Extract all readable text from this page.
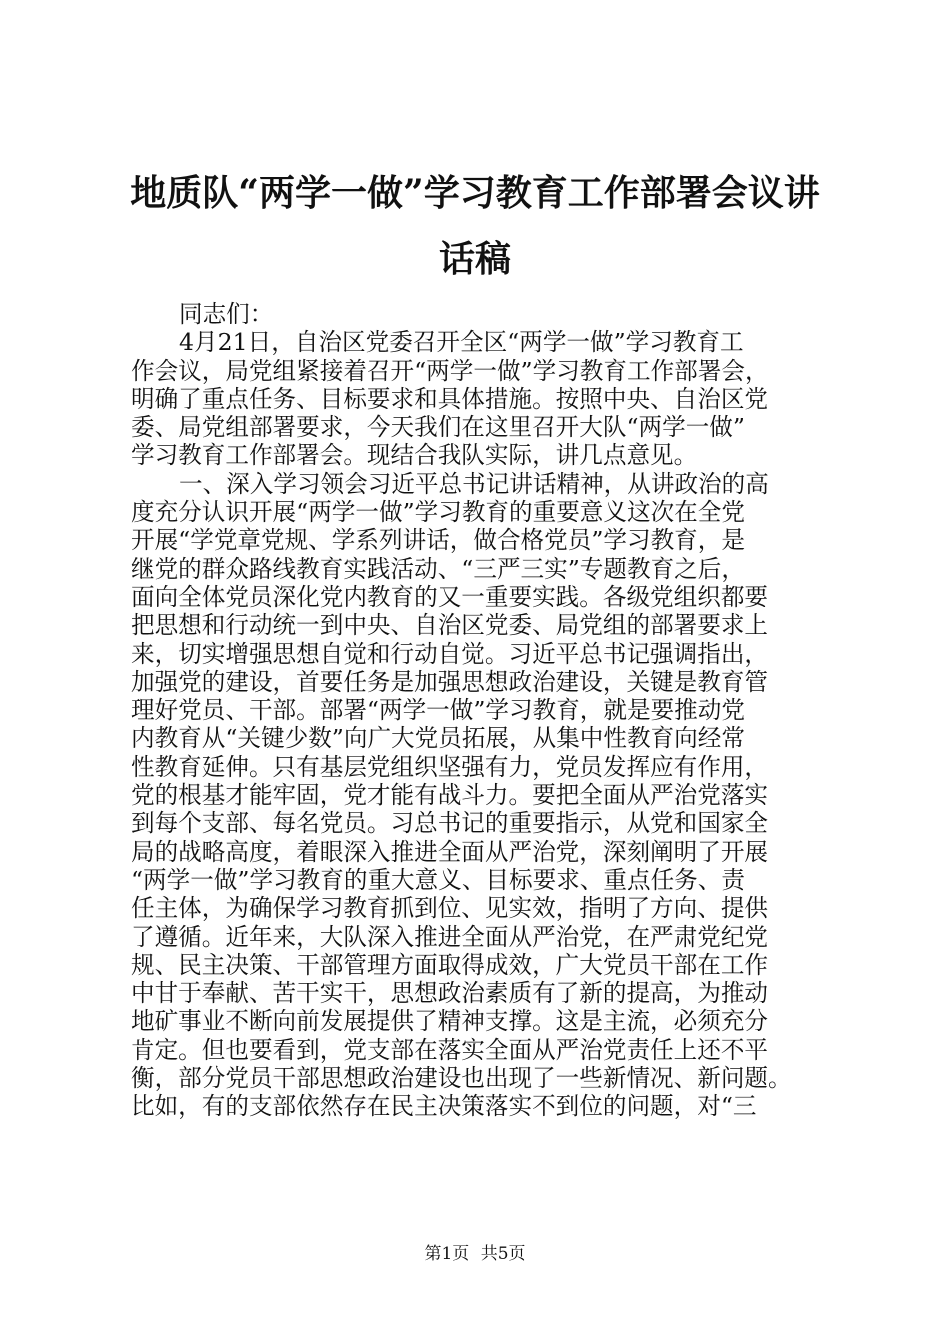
地质队“两学一做”学习教育工作部署会议讲
话稿
同志们：
4月21日，自治区党委召开全区“两学一做”学习教育工
作会议，局党组紧接着召开“两学一做”学习教育工作部署会，
明确了重点任务、目标要求和具体措施。按照中央、自治区党
委、局党组部署要求，今天我们在这里召开大队“两学一做”
学习教育工作部署会。现结合我队实际，讲几点意见。
一、深入学习领会习近平总书记讲话精神，从讲政治的高
度充分认识开展“两学一做”学习教育的重要意义这次在全党
开展“学党章党规、学系列讲话，做合格党员”学习教育，是
继党的群众路线教育实践活动、“三严三实”专题教育之后，
面向全体党员深化党内教育的又一重要实践。各级党组织都要
把思想和行动统一到中央、自治区党委、局党组的部署要求上
来，切实增强思想自觉和行动自觉。习近平总书记强调指出，
加强党的建设，首要任务是加强思想政治建设，关键是教育管
理好党员、干部。部署“两学一做”学习教育，就是要推动党
内教育从“关键少数”向广大党员拓展，从集中性教育向经常
性教育延伸。只有基层党组织坚强有力，党员发挥应有作用，
党的根基才能牢固，党才能有战斗力。要把全面从严治党落实
到每个支部、每名党员。习总书记的重要指示，从党和国家全
局的战略高度，着眼深入推进全面从严治党，深刻阐明了开展
“两学一做”学习教育的重大意义、目标要求、重点任务、责
任主体，为确保学习教育抓到位、见实效，指明了方向、提供
了遵循。近年来，大队深入推进全面从严治党，在严肃党纪党
规、民主决策、干部管理方面取得成效，广大党员干部在工作
中甘于奉献、苦干实干，思想政治素质有了新的提高，为推动
地矿事业不断向前发展提供了精神支撑。这是主流，必须充分
肯定。但也要看到，党支部在落实全面从严治党责任上还不平
衡，部分党员干部思想政治建设也出现了一些新情况、新问题。
比如，有的支部依然存在民主决策落实不到位的问题，对“三
第1页 共5页
